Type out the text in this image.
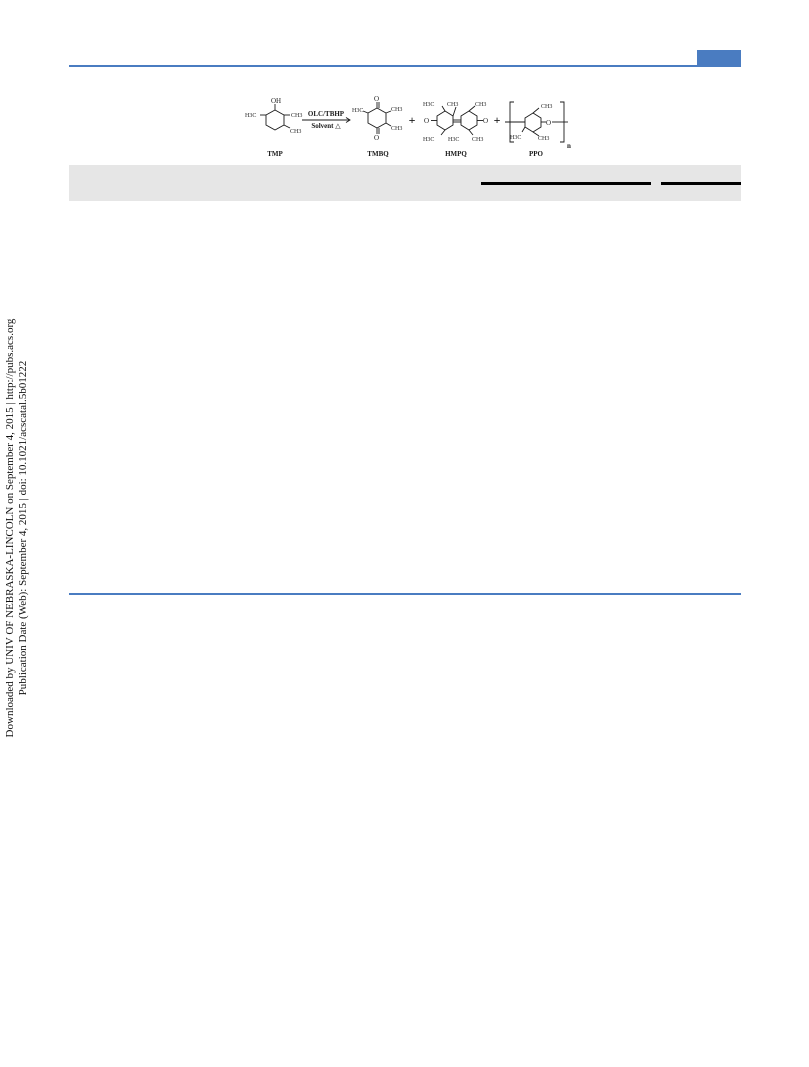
OH
H3C	CH3
CH3
O
O
H3C	CH3
CH3
O	O
H3C CH3	CH3
H3C H3C CH3
CH3
O
H3C	CH3
OLC/TBHP
Solvent △	+	+
n
TMP	TMBQ	HMPQ	PPO
Downloaded by UNIV OF NEBRASKA-LINCOLN on September 4, 2015 | http://pubs.acs.org Publication Date (Web): September 4, 2015 | doi: 10.1021/acscatal.5b01222
